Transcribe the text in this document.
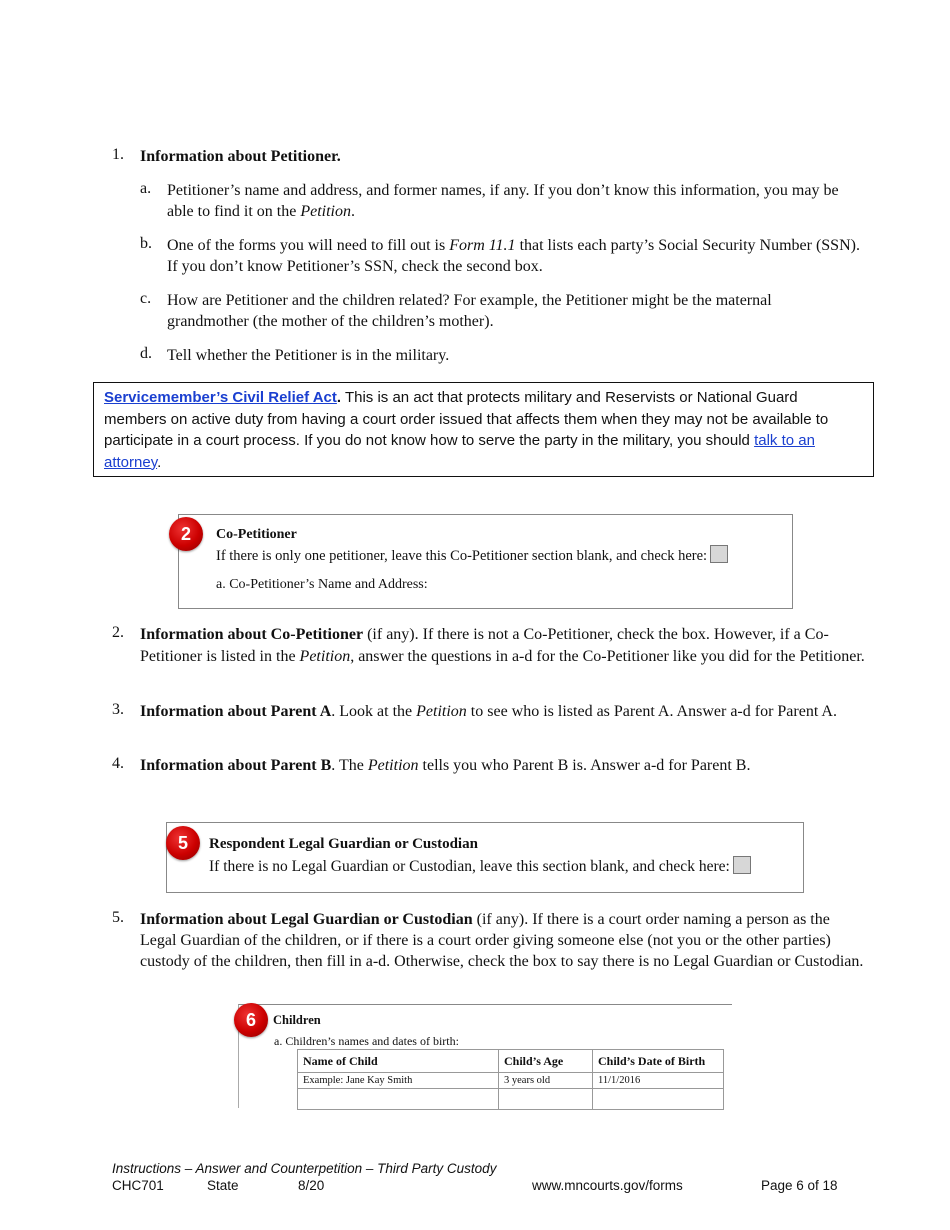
1. Information about Petitioner.
a. Petitioner’s name and address, and former names, if any. If you don’t know this information, you may be able to find it on the Petition.
b. One of the forms you will need to fill out is Form 11.1 that lists each party’s Social Security Number (SSN). If you don’t know Petitioner’s SSN, check the second box.
c. How are Petitioner and the children related? For example, the Petitioner might be the maternal grandmother (the mother of the children’s mother).
d. Tell whether the Petitioner is in the military.
Servicemember’s Civil Relief Act. This is an act that protects military and Reservists or National Guard members on active duty from having a court order issued that affects them when they may not be available to participate in a court process. If you do not know how to serve the party in the military, you should talk to an attorney.
2	Co-Petitioner
If there is only one petitioner, leave this Co-Petitioner section blank, and check here:
a. Co-Petitioner’s Name and Address:
2. Information about Co-Petitioner (if any). If there is not a Co-Petitioner, check the box. However, if a Co-Petitioner is listed in the Petition, answer the questions in a-d for the Co-Petitioner like you did for the Petitioner.
3. Information about Parent A. Look at the Petition to see who is listed as Parent A. Answer a-d for Parent A.
4. Information about Parent B. The Petition tells you who Parent B is. Answer a-d for Parent B.
5	Respondent Legal Guardian or Custodian
If there is no Legal Guardian or Custodian, leave this section blank, and check here:
5. Information about Legal Guardian or Custodian (if any). If there is a court order naming a person as the Legal Guardian of the children, or if there is a court order giving someone else (not you or the other parties) custody of the children, then fill in a-d. Otherwise, check the box to say there is no Legal Guardian or Custodian.
6	Children
a. Children’s names and dates of birth:
Name of Child	Child’s Age	Child’s Date of Birth
Example: Jane Kay Smith	3 years old	11/1/2016

Instructions – Answer and Counterpetition – Third Party Custody
CHC701	State	8/20	www.mncourts.gov/forms	Page 6 of 18
